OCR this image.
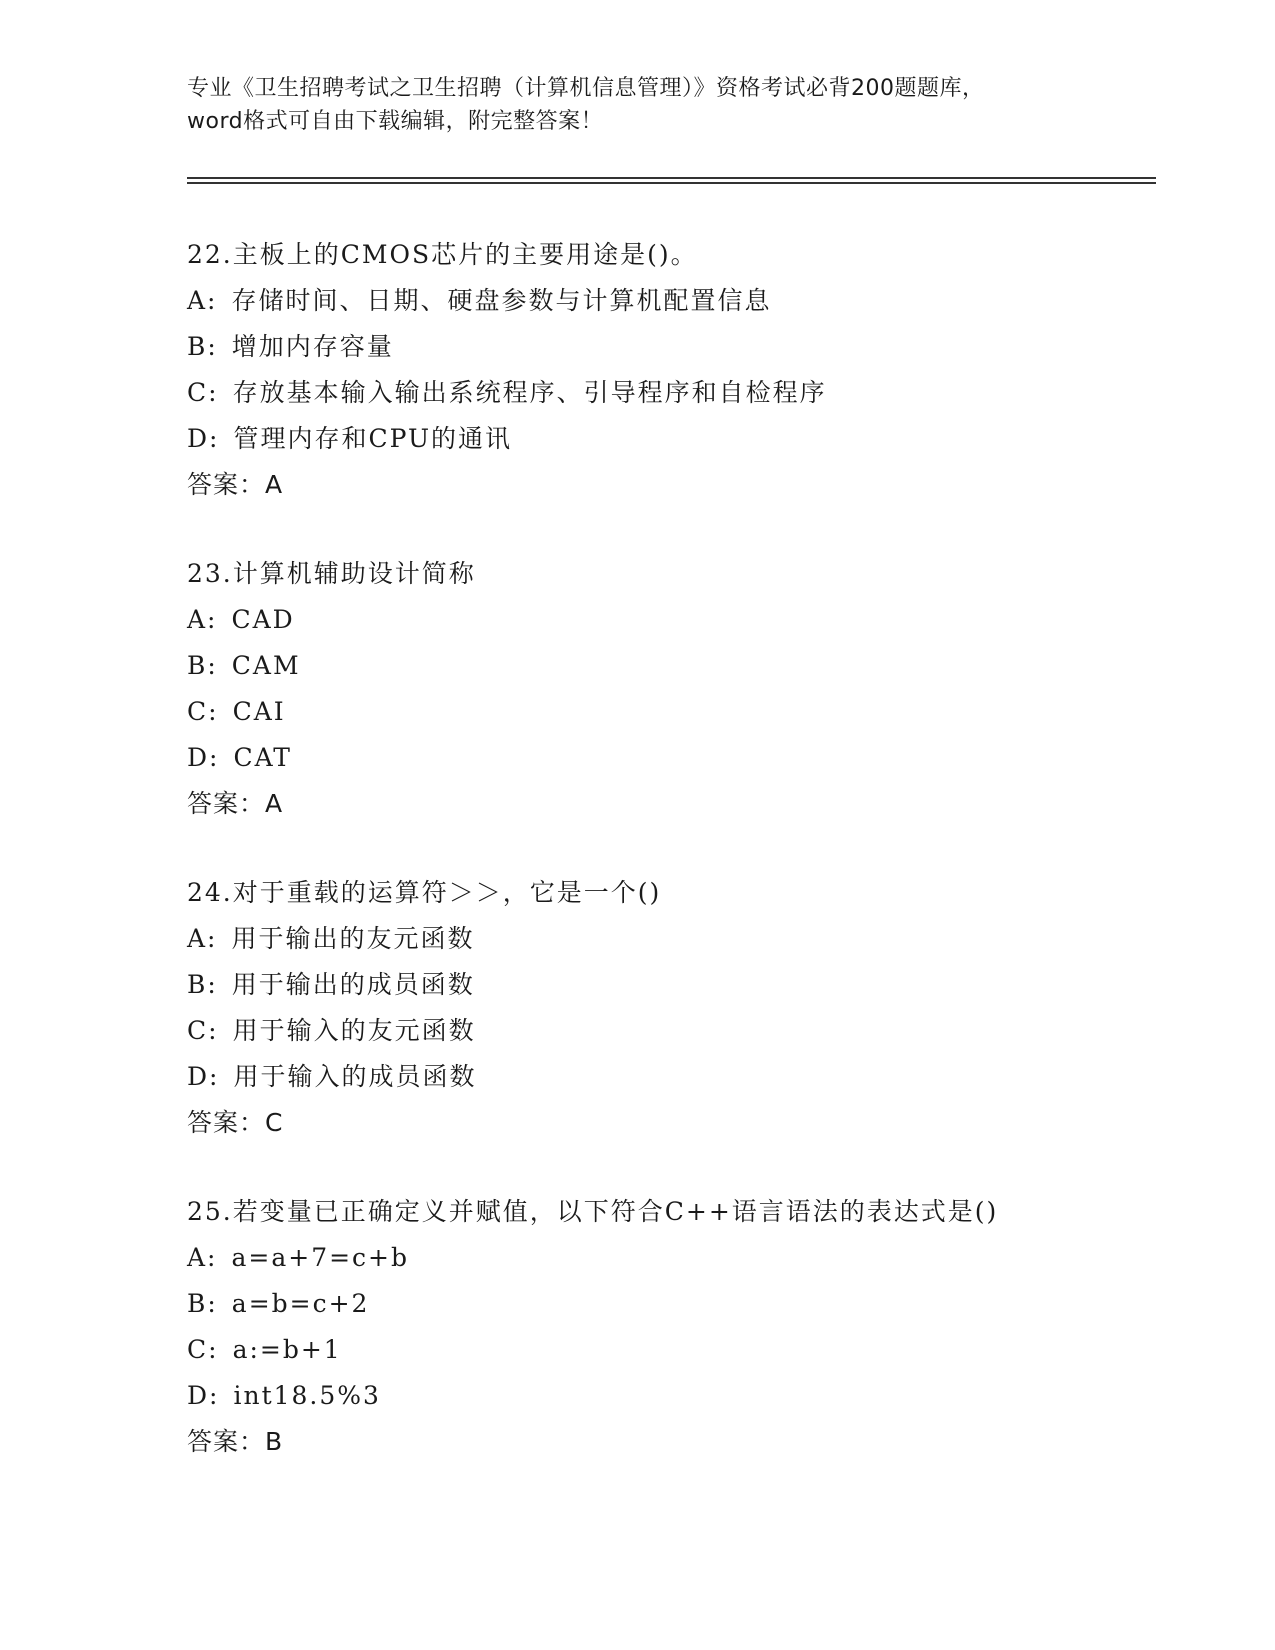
专业《卫生招聘考试之卫生招聘（计算机信息管理）》资格考试必背200题题库，
word格式可自由下载编辑，附完整答案！
22.主板上的CMOS芯片的主要用途是()。
A: 存储时间、日期、硬盘参数与计算机配置信息
B: 增加内存容量
C: 存放基本输入输出系统程序、引导程序和自检程序
D: 管理内存和CPU的通讯
答案：A
23.计算机辅助设计简称
A: CAD
B: CAM
C: CAI
D: CAT
答案：A
24.对于重载的运算符＞＞，它是一个()
A: 用于输出的友元函数
B: 用于输出的成员函数
C: 用于输入的友元函数
D: 用于输入的成员函数
答案：C
25.若变量已正确定义并赋值，以下符合C++语言语法的表达式是()
A: a=a+7=c+b
B: a=b=c+2
C: a:=b+1
D: int18.5%3
答案：B
